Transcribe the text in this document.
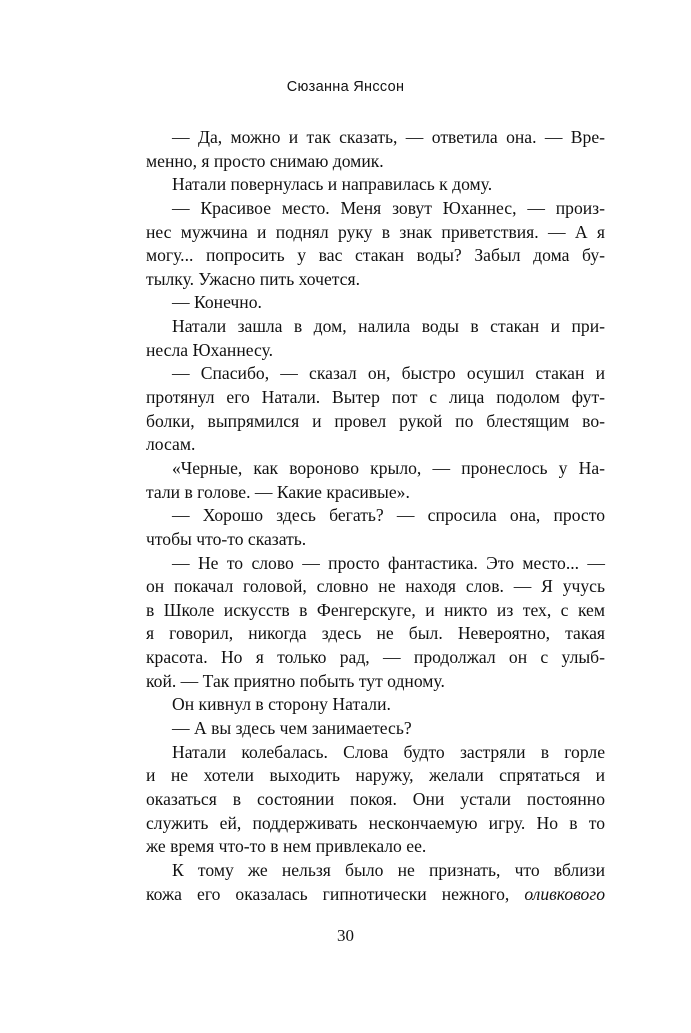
Сюзанна Янссон
— Да, можно и так сказать, — ответила она. — Вре-
менно, я просто снимаю домик.
Натали повернулась и направилась к дому.
— Красивое место. Меня зовут Юханнес, — произ-
нес мужчина и поднял руку в знак приветствия. — А я
могу... попросить у вас стакан воды? Забыл дома бу-
тылку. Ужасно пить хочется.
— Конечно.
Натали зашла в дом, налила воды в стакан и при-
несла Юханнесу.
— Спасибо, — сказал он, быстро осушил стакан и
протянул его Натали. Вытер пот с лица подолом фут-
болки, выпрямился и провел рукой по блестящим во-
лосам.
«Черные, как вороново крыло, — пронеслось у На-
тали в голове. — Какие красивые».
— Хорошо здесь бегать? — спросила она, просто
чтобы что-то сказать.
— Не то слово — просто фантастика. Это место... —
он покачал головой, словно не находя слов. — Я учусь
в Школе искусств в Фенгерскуге, и никто из тех, с кем
я говорил, никогда здесь не был. Невероятно, такая
красота. Но я только рад, — продолжал он с улыб-
кой. — Так приятно побыть тут одному.
Он кивнул в сторону Натали.
— А вы здесь чем занимаетесь?
Натали колебалась. Слова будто застряли в горле
и не хотели выходить наружу, желали спрятаться и
оказаться в состоянии покоя. Они устали постоянно
служить ей, поддерживать нескончаемую игру. Но в то
же время что-то в нем привлекало ее.
К тому же нельзя было не признать, что вблизи
кожа его оказалась гипнотически нежного, оливкового
30
